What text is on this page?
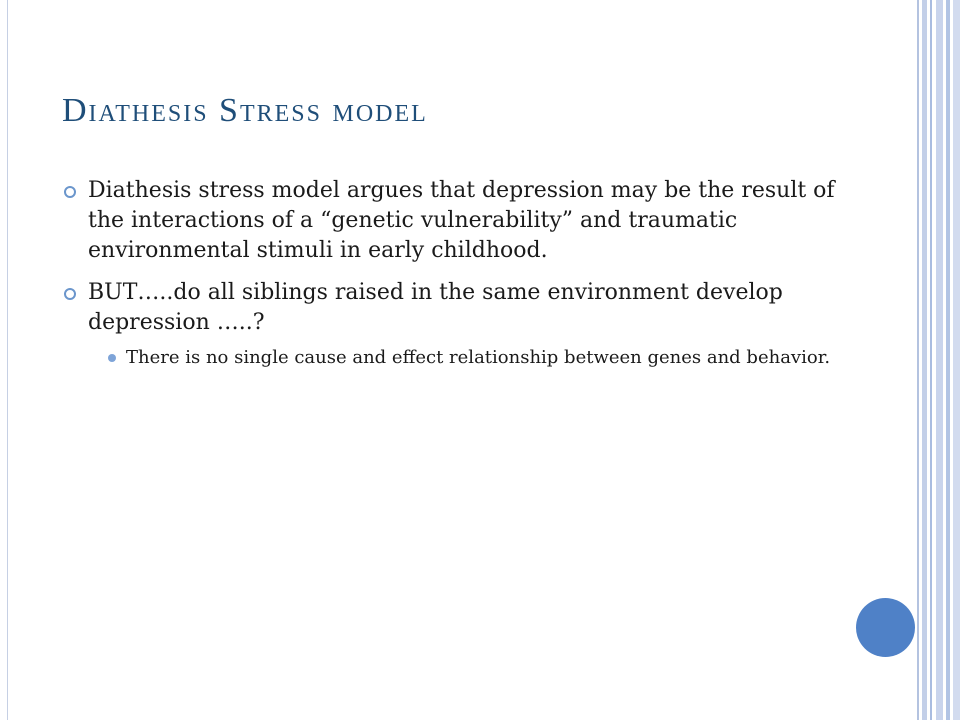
Diathesis Stress model
Diathesis stress model argues that depression may be the result of the interactions of a “genetic vulnerability” and traumatic environmental stimuli in early childhood.
BUT…..do all siblings raised in the same environment develop depression …..?
There is no single cause and effect relationship between genes and behavior.
